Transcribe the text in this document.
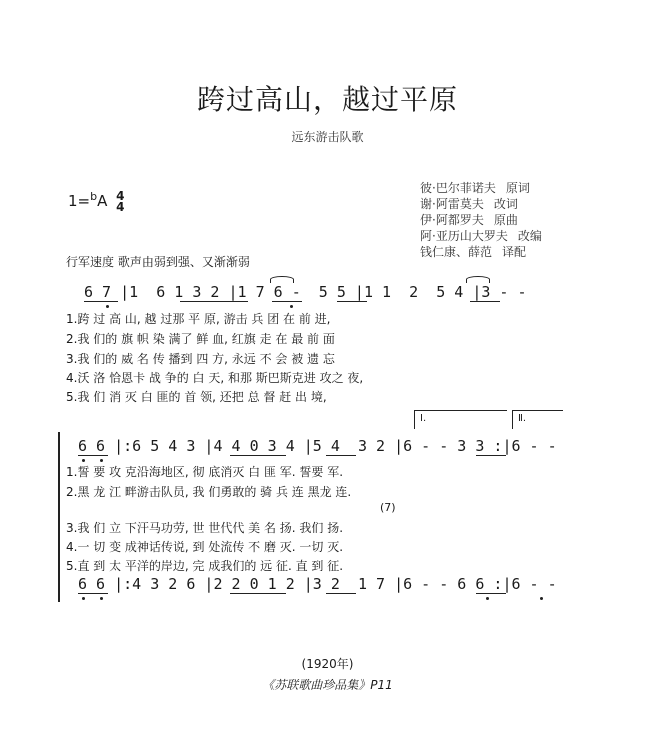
跨过高山，越过平原
远东游击队歌
1=$^b$A 4
4
彼·巴尔菲诺夫 原词
谢·阿雷莫夫 改词
伊·阿都罗夫 原曲
阿·亚历山大罗夫 改编
钱仁康、薛范 译配
行军速度 歌声由弱到强、又渐渐弱
6 7 |1  6 1 3 2 |1 7 6 -  5 5 |1 1  2  5 4 |3 - -
1.跨 过 高 山, 越 过那 平 原, 游击 兵 团 在 前 进,
2.我 们的 旗 帜 染 满了 鲜 血, 红旗 走 在 最 前 面
3.我 们的 威 名 传 播到 四 方, 永远 不 会 被 遗 忘
4.沃 洛 恰恩卡 战 争的 白 天, 和那 斯巴斯克进 攻之 夜,
5.我 们 消 灭 白 匪的 首 领, 还把 总 督 赶 出 境,
Ⅰ.	Ⅱ.
6 6 |:6 5 4 3 |4 4 0 3 4 |5 4  3 2 |6 - - 3 3 :|6 - -
1.誓 要 攻 克沿海地区, 彻 底消灭 白 匪 军. 誓要 军.
2.黑 龙 江 畔游击队员, 我 们勇敢的 骑 兵 连 黑龙 连.
(7)
3.我 们 立 下汗马功劳, 世 世代代 美 名 扬. 我们 扬.
4.一 切 变 成神话传说, 到 处流传 不 磨 灭. 一切 灭.
5.直 到 太 平洋的岸边, 完 成我们的 远 征. 直 到 征.
6 6 |:4 3 2 6 |2 2 0 1 2 |3 2  1 7 |6 - - 6 6 :|6 - -
(1920年)
《苏联歌曲珍品集》P11
